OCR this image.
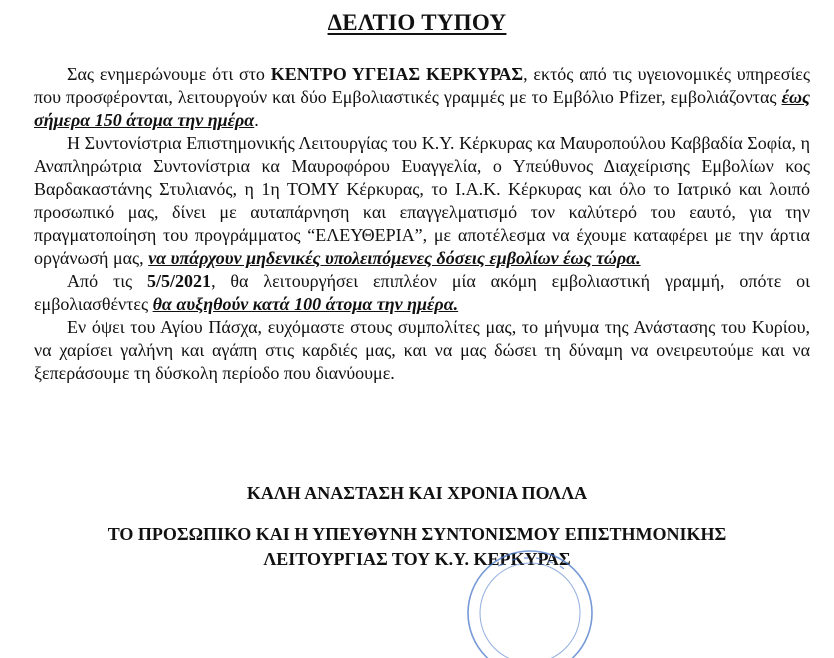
ΔΕΛΤΙΟ ΤΥΠΟΥ

Σας ενημερώνουμε ότι στο ΚΕΝΤΡΟ ΥΓΕΙΑΣ ΚΕΡΚΥΡΑΣ, εκτός από τις υγειονομικές υπηρεσίες που προσφέρονται, λειτουργούν και δύο Εμβολιαστικές γραμμές με το Εμβόλιο Pfizer, εμβολιάζοντας έως σήμερα 150 άτομα την ημέρα.

Η Συντονίστρια Επιστημονικής Λειτουργίας του Κ.Υ. Κέρκυρας κα Μαυροπούλου Καββαδία Σοφία, η Αναπληρώτρια Συντονίστρια κα Μαυροφόρου Ευαγγελία, ο Υπεύθυνος Διαχείρισης Εμβολίων κος Βαρδακαστάνης Στυλιανός, η 1η ΤΟΜΥ Κέρκυρας, το Ι.Α.Κ. Κέρκυρας και όλο το Ιατρικό και λοιπό προσωπικό μας, δίνει με αυταπάρνηση και επαγγελματισμό τον καλύτερό του εαυτό, για την πραγματοποίηση του προγράμματος “ΕΛΕΥΘΕΡΙΑ”, με αποτέλεσμα να έχουμε καταφέρει με την άρτια οργάνωσή μας, να υπάρχουν μηδενικές υπολειπόμενες δόσεις εμβολίων έως τώρα.

Από τις 5/5/2021, θα λειτουργήσει επιπλέον μία ακόμη εμβολιαστική γραμμή, οπότε οι εμβολιασθέντες θα αυξηθούν κατά 100 άτομα την ημέρα.

Εν όψει του Αγίου Πάσχα, ευχόμαστε στους συμπολίτες μας, το μήνυμα της Ανάστασης του Κυρίου, να χαρίσει γαλήνη και αγάπη στις καρδιές μας, και να μας δώσει τη δύναμη να ονειρευτούμε και να ξεπεράσουμε τη δύσκολη περίοδο που διανύουμε.

ΚΑΛΗ ΑΝΑΣΤΑΣΗ ΚΑΙ ΧΡΟΝΙΑ ΠΟΛΛΑ
ΤΟ ΠΡΟΣΩΠΙΚΟ ΚΑΙ Η ΥΠΕΥΘΥΝΗ ΣΥΝΤΟΝΙΣΜΟΥ ΕΠΙΣΤΗΜΟΝΙΚΗΣ
ΛΕΙΤΟΥΡΓΙΑΣ ΤΟΥ Κ.Υ. ΚΕΡΚΥΡΑΣ
